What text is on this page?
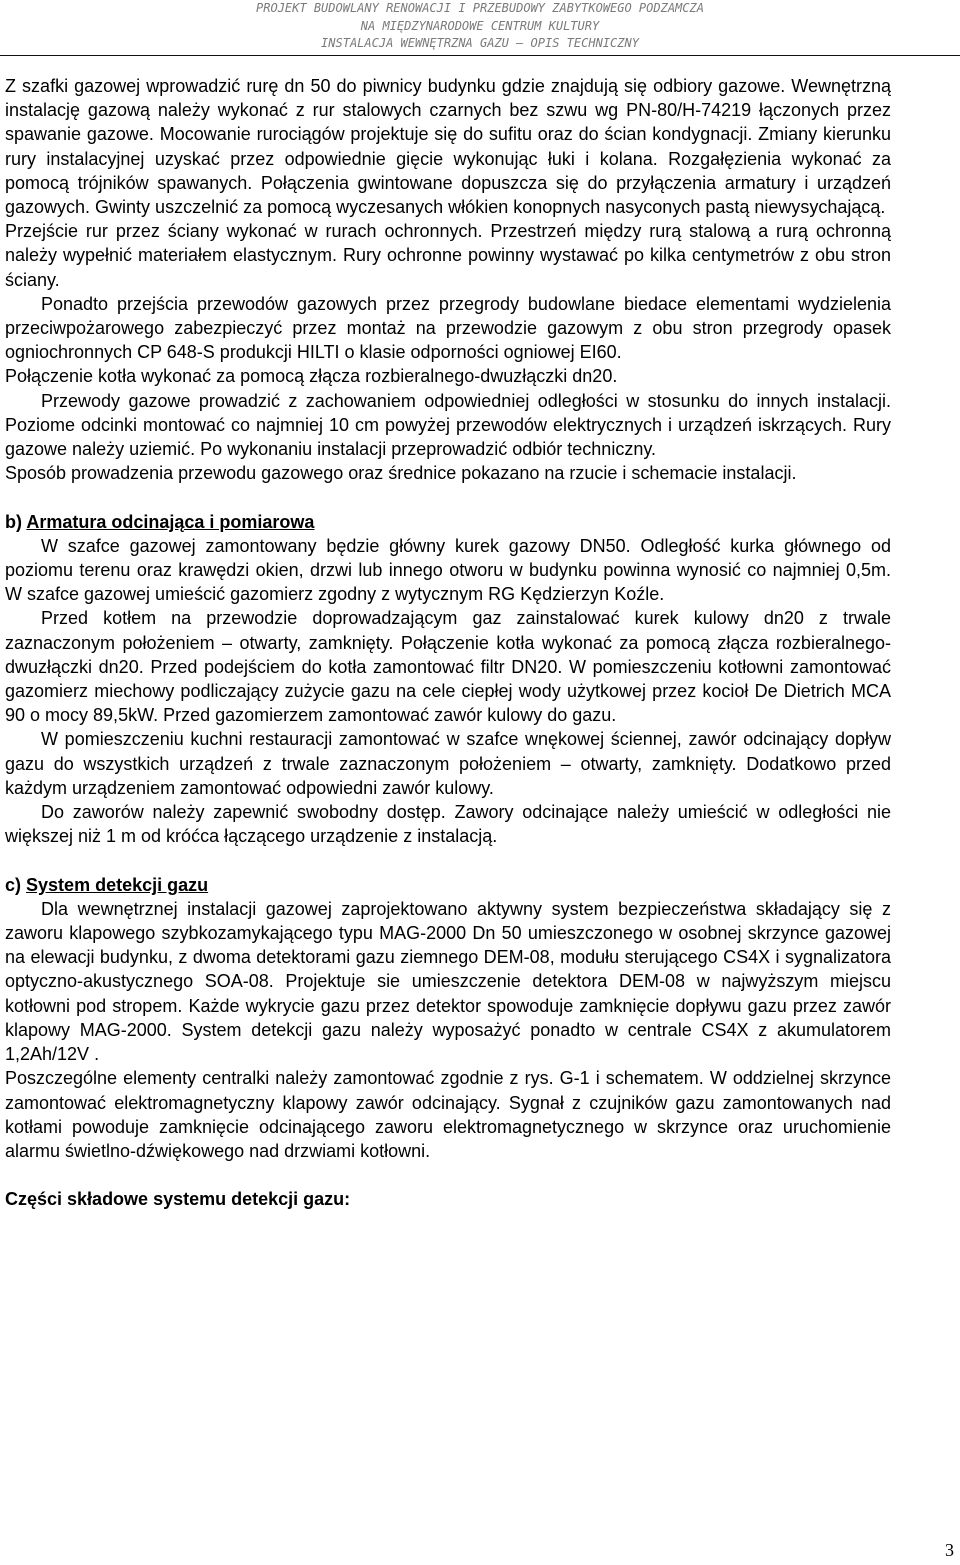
PROJEKT BUDOWLANY RENOWACJI I PRZEBUDOWY ZABYTKOWEGO PODZAMCZA
NA MIĘDZYNARODOWE CENTRUM KULTURY
INSTALACJA WEWNĘTRZNA GAZU – OPIS TECHNICZNY

Z szafki gazowej wprowadzić rurę dn 50 do piwnicy budynku gdzie znajdują się odbiory gazowe. Wewnętrzną instalację gazową należy wykonać z rur stalowych czarnych bez szwu wg PN-80/H-74219 łączonych przez spawanie gazowe. Mocowanie rurociągów projektuje się do sufitu oraz do ścian kondygnacji. Zmiany kierunku rury instalacyjnej uzyskać przez odpowiednie gięcie wykonując łuki i kolana. Rozgałęzienia wykonać za pomocą trójników spawanych. Połączenia gwintowane dopuszcza się do przyłączenia armatury i urządzeń gazowych. Gwinty uszczelnić za pomocą wyczesanych włókien konopnych nasyconych pastą niewysychającą.

Przejście rur przez ściany wykonać w rurach ochronnych. Przestrzeń między rurą stalową a rurą ochronną należy wypełnić materiałem elastycznym. Rury ochronne powinny wystawać po kilka centymetrów z obu stron ściany.

Ponadto przejścia przewodów gazowych przez przegrody budowlane biedace elementami wydzielenia przeciwpożarowego zabezpieczyć przez montaż na przewodzie gazowym z obu stron przegrody opasek ogniochronnych CP 648-S produkcji HILTI o klasie odporności ogniowej EI60.

Połączenie kotła wykonać za pomocą złącza rozbieralnego-dwuzłączki dn20.

Przewody gazowe prowadzić z zachowaniem odpowiedniej odległości w stosunku do innych instalacji. Poziome odcinki montować co najmniej 10 cm powyżej przewodów elektrycznych i urządzeń iskrzących. Rury gazowe należy uziemić. Po wykonaniu instalacji przeprowadzić odbiór techniczny.

Sposób prowadzenia przewodu gazowego oraz średnice pokazano na rzucie i schemacie instalacji.

b) Armatura odcinająca i pomiarowa

W szafce gazowej zamontowany będzie główny kurek gazowy DN50. Odległość kurka głównego od poziomu terenu oraz krawędzi okien, drzwi lub innego otworu w budynku powinna wynosić co najmniej 0,5m. W szafce gazowej umieścić gazomierz zgodny z wytycznym RG Kędzierzyn Koźle.

Przed kotłem na przewodzie doprowadzającym gaz zainstalować kurek kulowy dn20 z trwale zaznaczonym położeniem – otwarty, zamknięty. Połączenie kotła wykonać za pomocą złącza rozbieralnego-dwuzłączki dn20. Przed podejściem do kotła zamontować filtr DN20. W pomieszczeniu kotłowni zamontować gazomierz miechowy podliczający zużycie gazu na cele ciepłej wody użytkowej przez kocioł De Dietrich MCA 90 o mocy 89,5kW. Przed gazomierzem zamontować zawór kulowy do gazu.

W pomieszczeniu kuchni restauracji zamontować w szafce wnękowej ściennej, zawór odcinający dopływ gazu do wszystkich urządzeń z trwale zaznaczonym położeniem – otwarty, zamknięty. Dodatkowo przed każdym urządzeniem zamontować odpowiedni zawór kulowy.

Do zaworów należy zapewnić swobodny dostęp. Zawory odcinające należy umieścić w odległości nie większej niż 1 m od króćca łączącego urządzenie z instalacją.

c) System detekcji gazu

Dla wewnętrznej instalacji gazowej zaprojektowano aktywny system bezpieczeństwa składający się z zaworu klapowego szybkozamykającego typu MAG-2000 Dn 50 umieszczonego w osobnej skrzynce gazowej na elewacji budynku, z dwoma detektorami gazu ziemnego DEM-08, modułu sterującego CS4X i sygnalizatora optyczno-akustycznego SOA-08. Projektuje sie umieszczenie detektora DEM-08 w najwyższym miejscu kotłowni pod stropem. Każde wykrycie gazu przez detektor spowoduje zamknięcie dopływu gazu przez zawór klapowy MAG-2000. System detekcji gazu należy wyposażyć ponadto w centrale CS4X z akumulatorem 1,2Ah/12V .

Poszczególne elementy centralki należy zamontować zgodnie z rys. G-1 i schematem. W oddzielnej skrzynce zamontować elektromagnetyczny klapowy zawór odcinający. Sygnał z czujników gazu zamontowanych nad kotłami powoduje zamknięcie odcinającego zaworu elektromagnetycznego w skrzynce oraz uruchomienie alarmu świetlno-dźwiękowego nad drzwiami kotłowni.

Części składowe systemu detekcji gazu:
3
